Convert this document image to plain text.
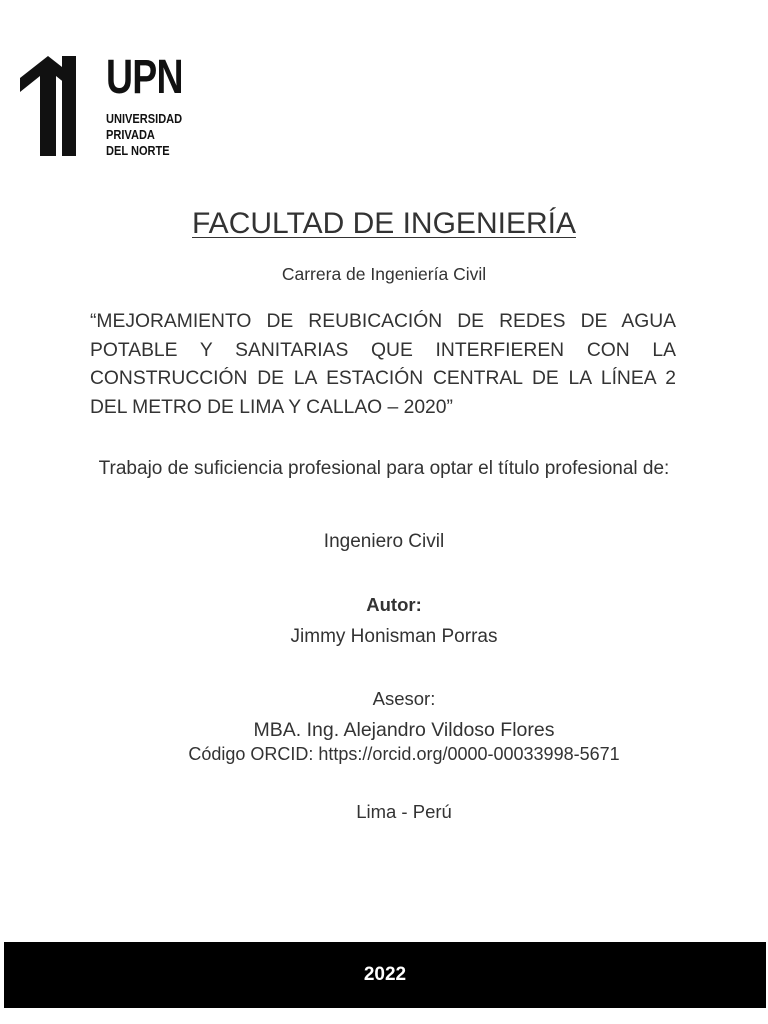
UPN
UNIVERSIDAD
PRIVADA
DEL NORTE
FACULTAD DE INGENIERÍA
Carrera de Ingeniería Civil
“MEJORAMIENTO DE REUBICACIÓN DE REDES DE AGUA POTABLE Y SANITARIAS QUE INTERFIEREN CON LA CONSTRUCCIÓN DE LA ESTACIÓN CENTRAL DE LA LÍNEA 2 DEL METRO DE LIMA Y CALLAO – 2020”
Trabajo de suficiencia profesional para optar el título profesional de:
Ingeniero Civil
Autor:
Jimmy Honisman Porras
Asesor:
MBA. Ing. Alejandro Vildoso Flores
Código ORCID: https://orcid.org/0000-00033998-5671
Lima - Perú
2022
